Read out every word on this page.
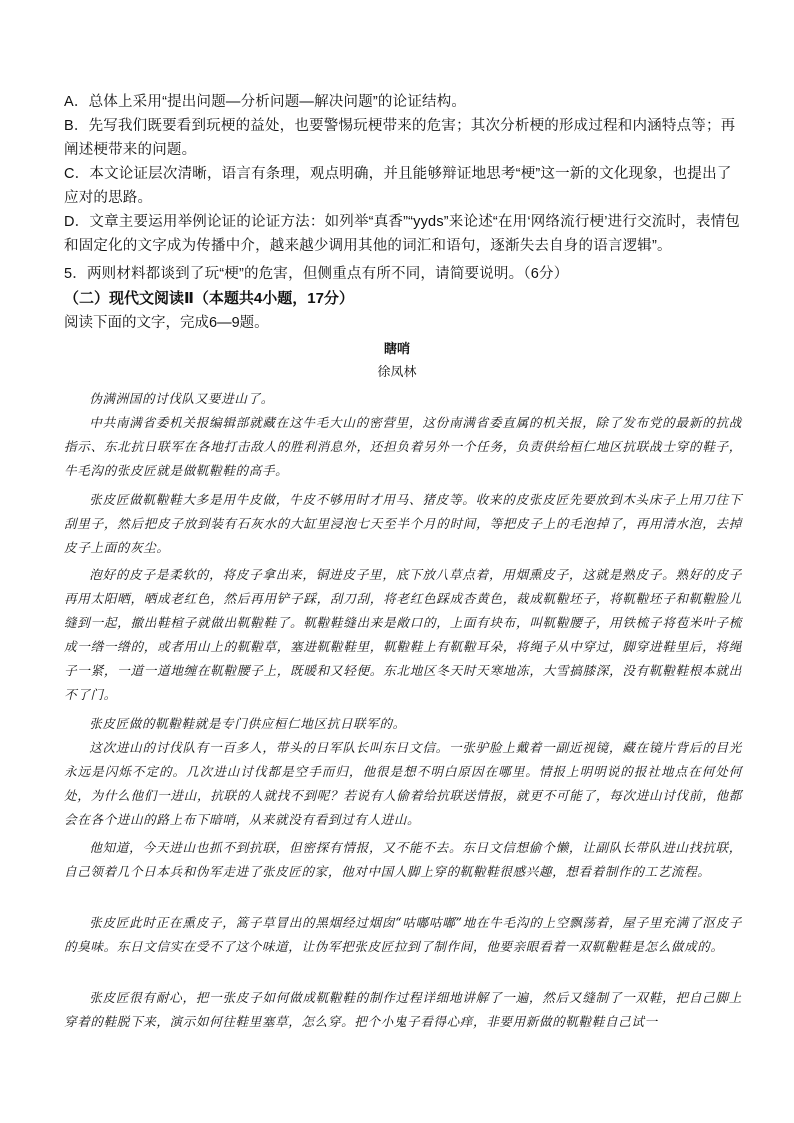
A．总体上采用“提出问题—分析问题—解决问题”的论证结构。
B．先写我们既要看到玩梗的益处，也要警惕玩梗带来的危害；其次分析梗的形成过程和内涵特点等；再阐述梗带来的问题。
C．本文论证层次清晰，语言有条理，观点明确，并且能够辩证地思考“梗”这一新的文化现象，也提出了应对的思路。
D．文章主要运用举例论证的论证方法：如列举“真香”“yyds”来论述“在用‘网络流行梗’进行交流时，表情包和固定化的文字成为传播中介，越来越少调用其他的词汇和语句，逐渐失去自身的语言逻辑”。
5．两则材料都谈到了玩“梗”的危害，但侧重点有所不同，请简要说明。（6分）
（二）现代文阅读Ⅱ（本题共4小题，17分）
阅读下面的文字，完成6—9题。
瞎哨
徐凤林
伪满洲国的讨伐队又要进山了。
中共南满省委机关报编辑部就藏在这牛毛大山的密营里，这份南满省委直属的机关报，除了发布党的最新的抗战指示、东北抗日联军在各地打击敌人的胜利消息外，还担负着另外一个任务，负责供给桓仁地区抗联战士穿的鞋子，牛毛沟的张皮匠就是做靰鞡鞋的高手。
张皮匠做靰鞡鞋大多是用牛皮做，牛皮不够用时才用马、猪皮等。收来的皮张皮匠先要放到木头床子上用刀往下刮里子，然后把皮子放到装有石灰水的大缸里浸泡七天至半个月的时间，等把皮子上的毛泡掉了，再用清水泡，去掉皮子上面的灰尘。
泡好的皮子是柔软的，将皮子拿出来，铜进皮子里，底下放八草点着，用烟熏皮子，这就是熟皮子。熟好的皮子再用太阳晒，晒成老红色，然后再用铲子踩，刮刀刮，将老红色踩成杏黄色，裁成靰鞡坯子，将靰鞡坯子和靰鞡脸儿缝到一起，撤出鞋楦子就做出靰鞡鞋了。靰鞡鞋缝出来是敞口的，上面有块布，叫靰鞡腰子，用铁梳子将苞米叶子梳成一绺一绺的，或者用山上的靰鞡草，塞进靰鞡鞋里，靰鞡鞋上有靰鞡耳朵，将绳子从中穿过，脚穿进鞋里后，将绳子一紧，一道一道地缠在靰鞡腰子上，既暖和又轻便。东北地区冬天时天寒地冻，大雪搞膝深，没有靰鞡鞋根本就出不了门。
张皮匠做的靰鞡鞋就是专门供应桓仁地区抗日联军的。
这次进山的讨伐队有一百多人，带头的日军队长叫东日文信。一张驴脸上戴着一副近视镜，藏在镜片背后的目光永远是闪烁不定的。几次进山讨伐都是空手而归，他很是想不明白原因在哪里。情报上明明说的报社地点在何处何处，为什么他们一进山，抗联的人就找不到呢？若说有人偷着给抗联送情报，就更不可能了，每次进山讨伐前，他都会在各个进山的路上布下暗哨，从来就没有看到过有人进山。
他知道，今天进山也抓不到抗联，但密探有情报，又不能不去。东日文信想偷个懒，让副队长带队进山找抗联，自己领着几个日本兵和伪军走进了张皮匠的家，他对中国人脚上穿的靰鞡鞋很感兴趣，想看着制作的工艺流程。
张皮匠此时正在熏皮子，篙子草冒出的黑烟经过烟囱“咕嘟咕嘟”地在牛毛沟的上空飘荡着，屋子里充满了沤皮子的臭味。东日文信实在受不了这个味道，让伪军把张皮匠拉到了制作间，他要亲眼看着一双靰鞡鞋是怎么做成的。
张皮匠很有耐心，把一张皮子如何做成靰鞡鞋的制作过程详细地讲解了一遍，然后又缝制了一双鞋，把自己脚上穿着的鞋脱下来，演示如何往鞋里塞草，怎么穿。把个小鬼子看得心痒，非要用新做的靰鞡鞋自己试一
